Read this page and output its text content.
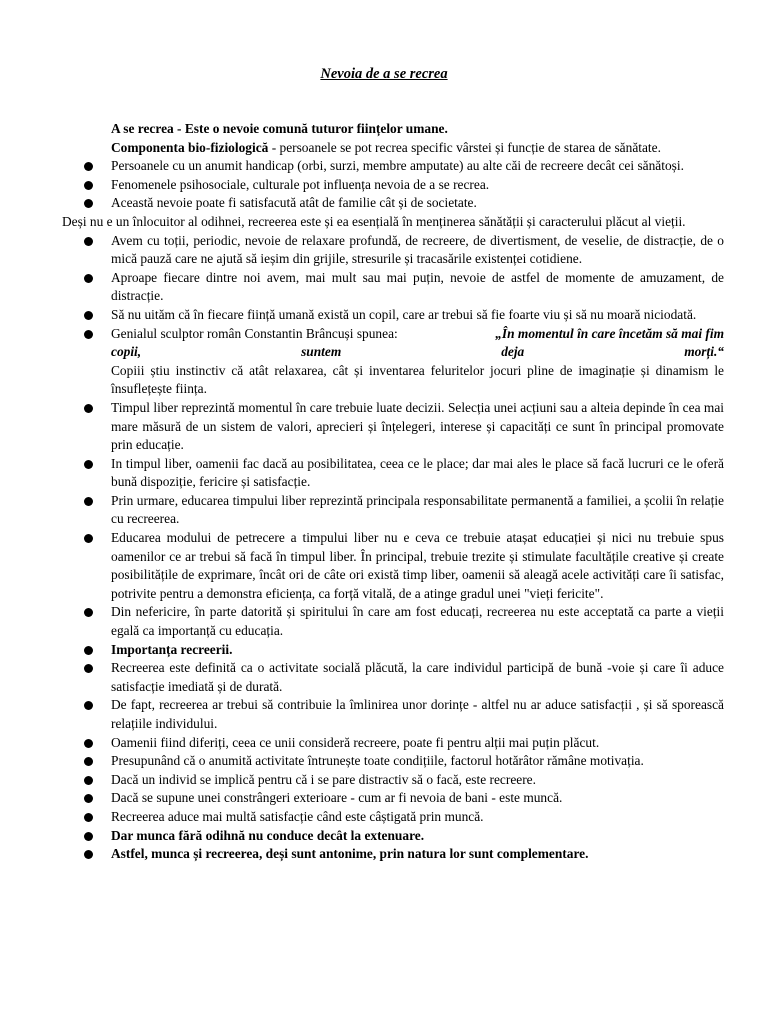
Nevoia de a se recrea

A se recrea - Este o nevoie comună tuturor ființelor umane.

Componenta bio-fiziologică - persoanele se pot recrea specific vârstei și funcție de starea de sănătate.

Persoanele cu un anumit handicap (orbi, surzi, membre amputate) au alte căi de recreere decât cei sănătoși.

Fenomenele psihosociale, culturale pot influența nevoia de a se recrea.

Această nevoie poate fi satisfacută atât de familie cât și de societate.

Deși nu e un înlocuitor al odihnei, recreerea este și ea esențială în menținerea sănătății și caracterului plăcut al vieții.

Avem cu toții, periodic, nevoie de relaxare profundă, de recreere, de divertisment, de veselie, de distracție, de o mică pauză care ne ajută să ieșim din grijile, stresurile și tracasările existenței cotidiene.

Aproape fiecare dintre noi avem, mai mult sau mai puțin, nevoie de astfel de momente de amuzament, de distracție.

Să nu uităm că în fiecare ființă umană există un copil, care ar trebui să fie foarte viu și să nu moară niciodată.

Genialul sculptor român Constantin Brâncuși spunea:	„În momentul în care încetăm să mai fim
copii,	suntem	deja	morți.“
Copiii știu instinctiv că atât relaxarea, cât și inventarea feluritelor jocuri pline de imaginație și dinamism le însuflețește ființa.

Timpul liber reprezintă momentul în care trebuie luate decizii. Selecția unei acțiuni sau a alteia depinde în cea mai mare măsură de un sistem de valori, aprecieri și înțelegeri, interese și capacități ce sunt în principal promovate prin educație.

In timpul liber, oamenii fac dacă au posibilitatea, ceea ce le place; dar mai ales le place să facă lucruri ce le oferă bună dispoziție, fericire și satisfacție.

Prin urmare, educarea timpului liber reprezintă principala responsabilitate permanentă a familiei, a școlii în relație cu recreerea.

Educarea modului de petrecere a timpului liber nu e ceva ce trebuie atașat educației și nici nu trebuie spus oamenilor ce ar trebui să facă în timpul liber. În principal, trebuie trezite și stimulate facultățile creative și create posibilitățile de exprimare, încât ori de câte ori există timp liber, oamenii să aleagă acele activități care îi satisfac, potrivite pentru a demonstra eficiența, ca forță vitală, de a atinge gradul unei "vieți fericite".

Din nefericire, în parte datorită și spiritului în care am fost educați, recreerea nu este acceptată ca parte a vieții egală ca importanță cu educația.

Importanța recreerii.

Recreerea este definită ca o activitate socială plăcută, la care individul participă de bună -voie și care îi aduce satisfacție imediată și de durată.

De fapt, recreerea ar trebui să contribuie la îmlinirea unor dorințe - altfel nu ar aduce satisfacții , și să sporească relațiile individului.

Oamenii fiind diferiți, ceea ce unii consideră recreere, poate fi pentru alții mai puțin plăcut.

Presupunând că o anumită activitate întrunește toate condițiile, factorul hotărâtor rămâne motivația.

Dacă un individ se implică pentru că i se pare distractiv să o facă, este recreere.

Dacă se supune unei constrângeri exterioare - cum ar fi nevoia de bani - este muncă.

Recreerea aduce mai multă satisfacție când este câștigată prin muncă.

Dar munca fără odihnă nu conduce decât la extenuare.

Astfel, munca și recreerea, deși sunt antonime, prin natura lor sunt complementare.
